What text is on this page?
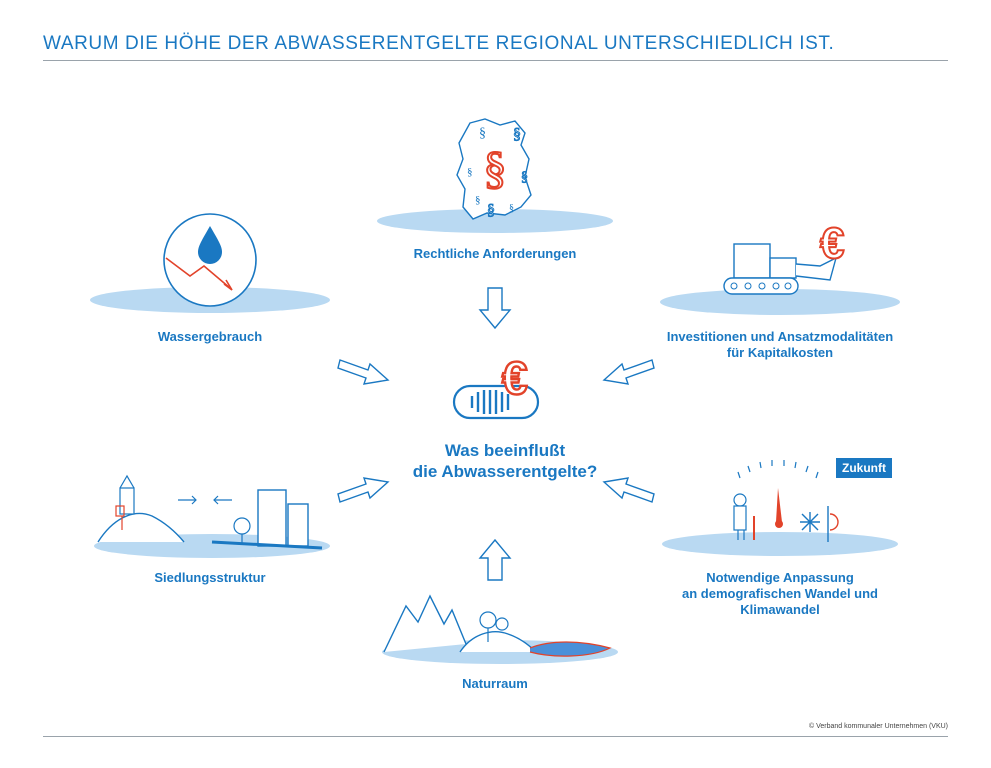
WARUM DIE HÖHE DER ABWASSERENTGELTE REGIONAL UNTERSCHIEDLICH IST.
§
§ §
§	§
§
§ §
Rechtliche Anforderungen
Wassergebrauch
€
Investitionen und Ansatzmodalitäten
für Kapitalkosten
€
Was beeinflußt
die Abwasserentgelte?
Siedlungsstruktur
Zukunft
Notwendige Anpassung
an demografischen Wandel und
Klimawandel
Naturraum
© Verband kommunaler Unternehmen (VKU)
